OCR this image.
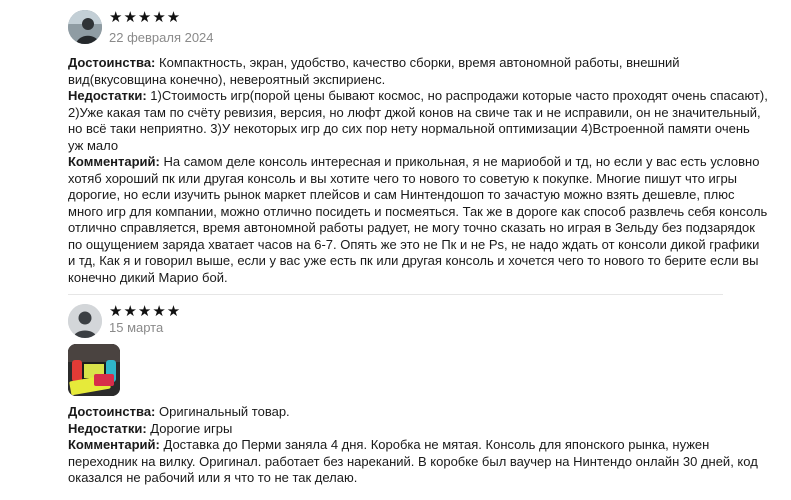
★★★★★
22 февраля 2024

Достоинства: Компактность, экран, удобство, качество сборки, время автономной работы, внешний вид(вкусовщина конечно), невероятный экспириенс.

Недостатки: 1)Стоимость игр(порой цены бывают космос, но распродажи которые часто проходят очень спасают), 2)Уже какая там по счёту ревизия, версия, но люфт джой конов на свиче так и не исправили, он не значительный, но всё таки неприятно. 3)У некоторых игр до сих пор нету нормальной оптимизации 4)Встроенной памяти очень уж мало

Комментарий: На самом деле консоль интересная и прикольная, я не мариобой и тд, но если у вас есть условно хотяб хороший пк или другая консоль и вы хотите чего то нового то советую к покупке. Многие пишут что игры дорогие, но если изучить рынок маркет плейсов и сам Нинтендошоп то зачастую можно взять дешевле, плюс много игр для компании, можно отлично посидеть и посмеяться. Так же в дороге как способ развлечь себя консоль отлично справляется, время автономной работы радует, не могу точно сказать но играя в Зельду без подзарядок по ощущением заряда хватает часов на 6-7. Опять же это не Пк и не Ps, не надо ждать от консоли дикой графики и тд, Как я и говорил выше, если у вас уже есть пк или другая консоль и хочется чего то нового то берите если вы конечно дикий Марио бой.

★★★★★
15 марта

Достоинства: Оригинальный товар.

Недостатки: Дорогие игры

Комментарий: Доставка до Перми заняла 4 дня. Коробка не мятая. Консоль для японского рынка, нужен переходник на вилку. Оригинал. работает без нареканий. В коробке был ваучер на Нинтендо онлайн 30 дней, код оказался не рабочий или я что то не так делаю.
